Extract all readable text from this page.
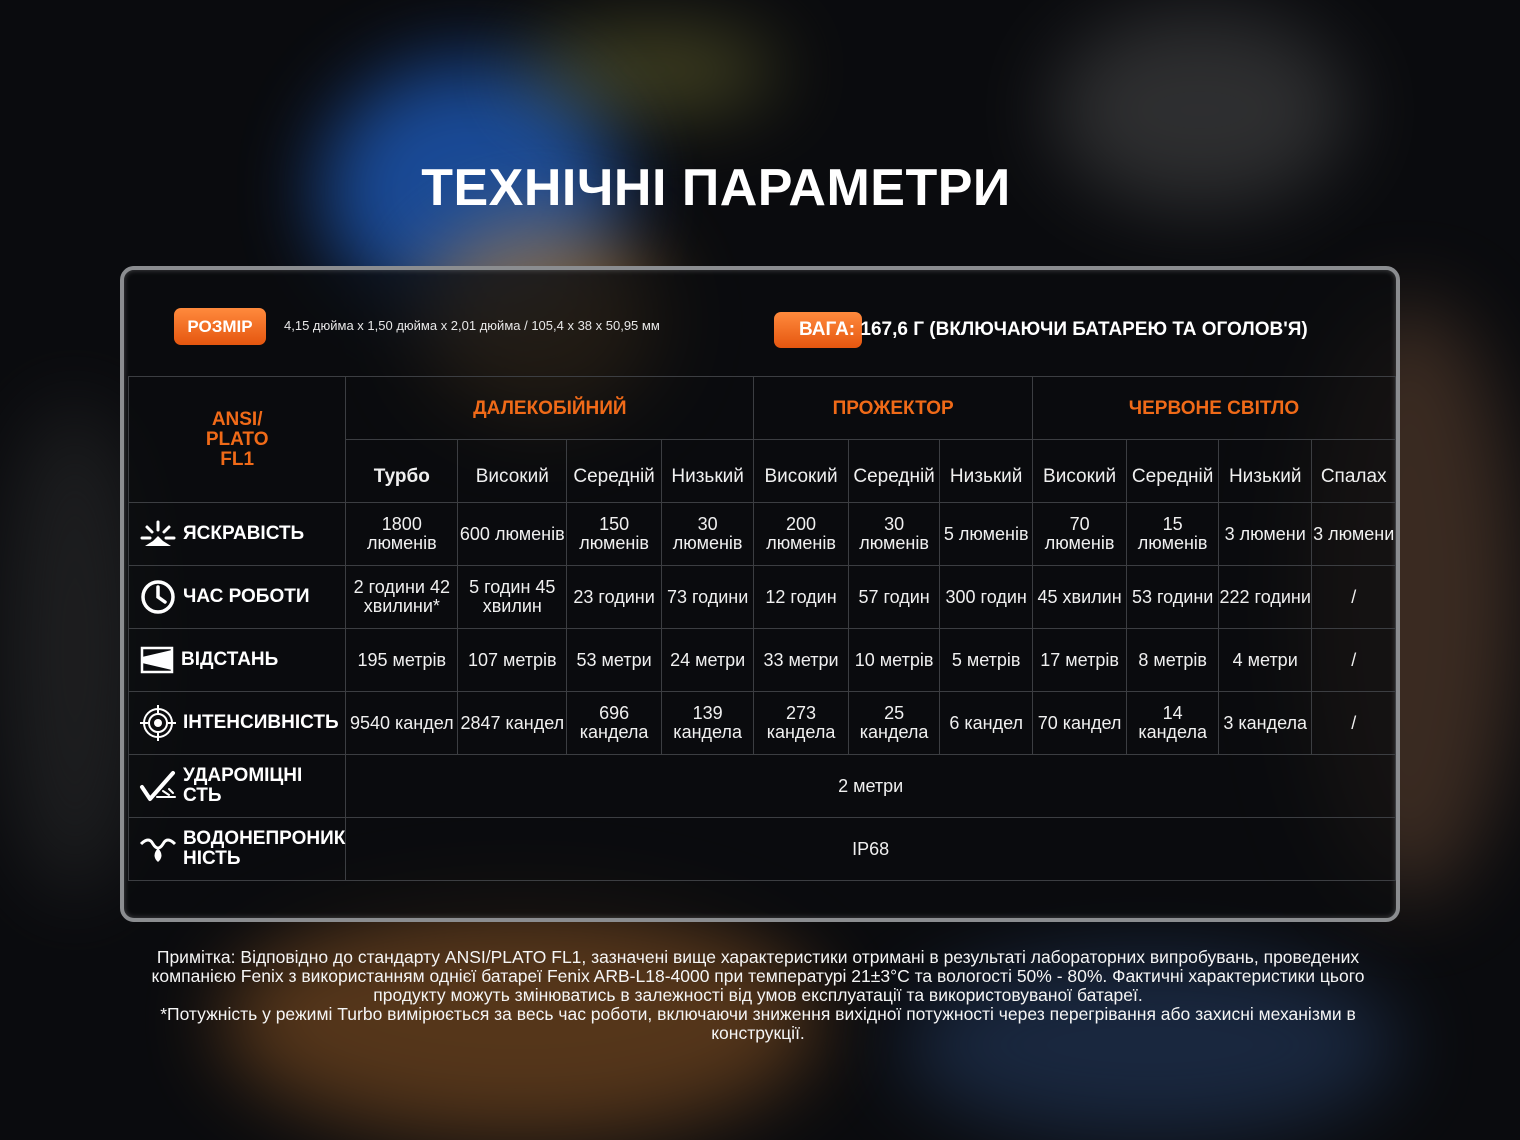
ТЕХНІЧНІ ПАРАМЕТРИ
РОЗМІР	4,15 дюйма x 1,50 дюйма x 2,01 дюйма / 105,4 x 38 x 50,95 мм	ВАГА: 167,6 Г (ВКЛЮЧАЮЧИ БАТАРЕЮ ТА ОГОЛОВ'Я)
ANSI/
PLATO
FL1	ДАЛЕКОБІЙНИЙ				ПРОЖЕКТОР			ЧЕРВОНЕ СВІТЛО			
	Турбо	Високий	Середній	Низький	Високий	Середній	Низький	Високий	Середній	Низький	Спалах

ЯСКРАВІСТЬ	1800 люменів	600 люменів	150 люменів	30 люменів	200 люменів	30 люменів	5 люменів	70 люменів	15 люменів	3 люмени	3 люмени

ЧАС РОБОТИ	2 години 42 хвилини*	5 годин 45 хвилин	23 години	73 години	12 годин	57 годин	300 годин	45 хвилин	53 години	222 години	/

ВІДСТАНЬ	195 метрів	107 метрів	53 метри	24 метри	33 метри	10 метрів	5 метрів	17 метрів	8 метрів	4 метри	/

ІНТЕНСИВНІСТЬ	9540 кандел	2847 кандел	696 кандела	139 кандела	273 кандела	25 кандела	6 кандел	70 кандел	14 кандела	3 кандела	/

УДАРОМІЦНІ СТЬ	2 метри										

ВОДОНЕПРОНИК НІСТЬ	IP68										

Примітка: Відповідно до стандарту ANSI/PLATO FL1, зазначені вище характеристики отримані в результаті лабораторних випробувань, проведених компанією Fenix з використанням однієї батареї Fenix ARB-L18-4000 при температурі 21±3°C та вологості 50% - 80%. Фактичні характеристики цього продукту можуть змінюватись в залежності від умов експлуатації та використовуваної батареї.

*Потужність у режимі Turbo вимірюється за весь час роботи, включаючи зниження вихідної потужності через перегрівання або захисні механізми в конструкції.
